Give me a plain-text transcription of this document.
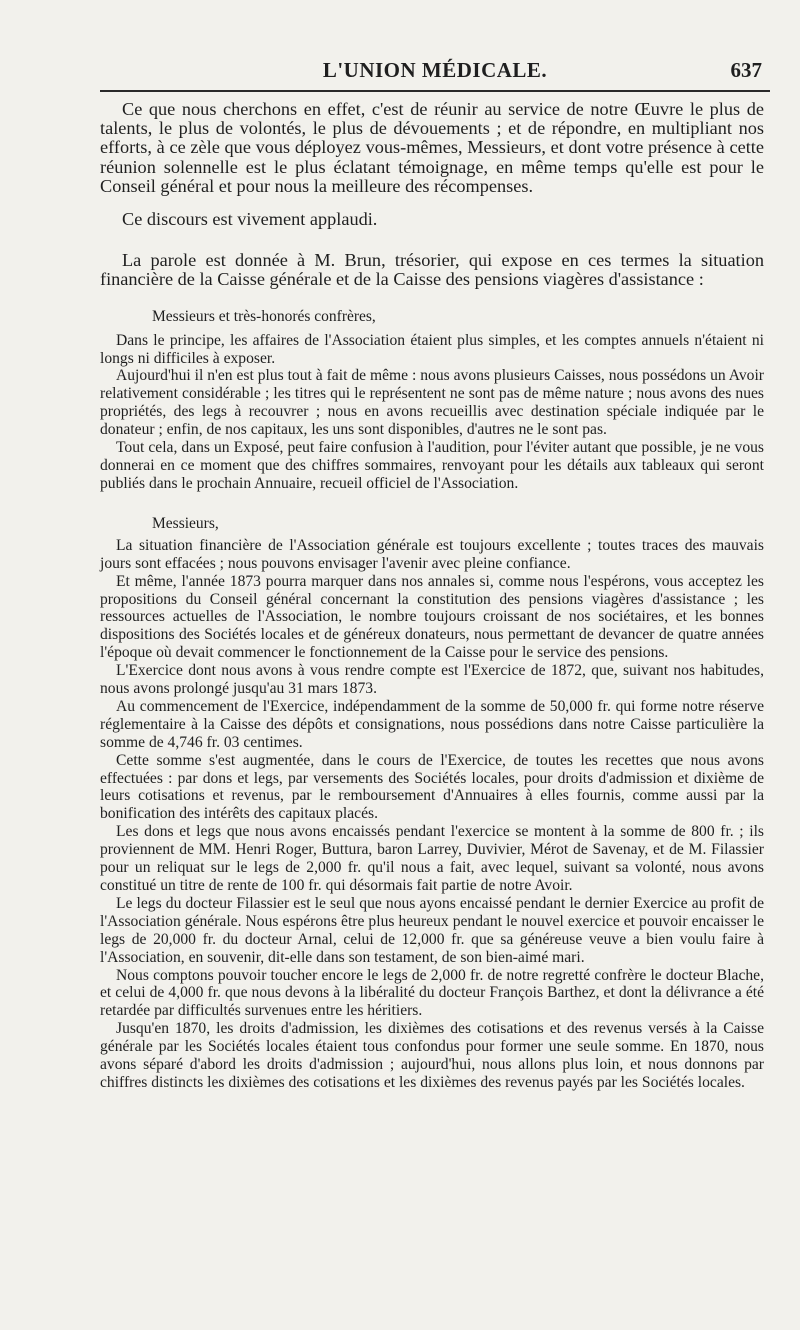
L'UNION MÉDICALE.	637

Ce que nous cherchons en effet, c'est de réunir au service de notre Œuvre le plus de talents, le plus de volontés, le plus de dévouements ; et de répondre, en multipliant nos efforts, à ce zèle que vous déployez vous-mêmes, Messieurs, et dont votre présence à cette réunion solennelle est le plus éclatant témoignage, en même temps qu'elle est pour le Conseil général et pour nous la meilleure des récompenses.

Ce discours est vivement applaudi.

La parole est donnée à M. Brun, trésorier, qui expose en ces termes la situation financière de la Caisse générale et de la Caisse des pensions viagères d'assistance :

Messieurs et très-honorés confrères,

Dans le principe, les affaires de l'Association étaient plus simples, et les comptes annuels n'étaient ni longs ni difficiles à exposer.

Aujourd'hui il n'en est plus tout à fait de même : nous avons plusieurs Caisses, nous possédons un Avoir relativement considérable ; les titres qui le représentent ne sont pas de même nature ; nous avons des nues propriétés, des legs à recouvrer ; nous en avons recueillis avec destination spéciale indiquée par le donateur ; enfin, de nos capitaux, les uns sont disponibles, d'autres ne le sont pas.

Tout cela, dans un Exposé, peut faire confusion à l'audition, pour l'éviter autant que possible, je ne vous donnerai en ce moment que des chiffres sommaires, renvoyant pour les détails aux tableaux qui seront publiés dans le prochain Annuaire, recueil officiel de l'Association.

Messieurs,

La situation financière de l'Association générale est toujours excellente ; toutes traces des mauvais jours sont effacées ; nous pouvons envisager l'avenir avec pleine confiance.

Et même, l'année 1873 pourra marquer dans nos annales si, comme nous l'espérons, vous acceptez les propositions du Conseil général concernant la constitution des pensions viagères d'assistance ; les ressources actuelles de l'Association, le nombre toujours croissant de nos sociétaires, et les bonnes dispositions des Sociétés locales et de généreux donateurs, nous permettant de devancer de quatre années l'époque où devait commencer le fonctionnement de la Caisse pour le service des pensions.

L'Exercice dont nous avons à vous rendre compte est l'Exercice de 1872, que, suivant nos habitudes, nous avons prolongé jusqu'au 31 mars 1873.

Au commencement de l'Exercice, indépendamment de la somme de 50,000 fr. qui forme notre réserve réglementaire à la Caisse des dépôts et consignations, nous possédions dans notre Caisse particulière la somme de 4,746 fr. 03 centimes.

Cette somme s'est augmentée, dans le cours de l'Exercice, de toutes les recettes que nous avons effectuées : par dons et legs, par versements des Sociétés locales, pour droits d'admission et dixième de leurs cotisations et revenus, par le remboursement d'Annuaires à elles fournis, comme aussi par la bonification des intérêts des capitaux placés.

Les dons et legs que nous avons encaissés pendant l'exercice se montent à la somme de 800 fr. ; ils proviennent de MM. Henri Roger, Buttura, baron Larrey, Duvivier, Mérot de Savenay, et de M. Filassier pour un reliquat sur le legs de 2,000 fr. qu'il nous a fait, avec lequel, suivant sa volonté, nous avons constitué un titre de rente de 100 fr. qui désormais fait partie de notre Avoir.

Le legs du docteur Filassier est le seul que nous ayons encaissé pendant le dernier Exercice au profit de l'Association générale. Nous espérons être plus heureux pendant le nouvel exercice et pouvoir encaisser le legs de 20,000 fr. du docteur Arnal, celui de 12,000 fr. que sa généreuse veuve a bien voulu faire à l'Association, en souvenir, dit-elle dans son testament, de son bien-aimé mari.

Nous comptons pouvoir toucher encore le legs de 2,000 fr. de notre regretté confrère le docteur Blache, et celui de 4,000 fr. que nous devons à la libéralité du docteur François Barthez, et dont la délivrance a été retardée par difficultés survenues entre les héritiers.

Jusqu'en 1870, les droits d'admission, les dixièmes des cotisations et des revenus versés à la Caisse générale par les Sociétés locales étaient tous confondus pour former une seule somme. En 1870, nous avons séparé d'abord les droits d'admission ; aujourd'hui, nous allons plus loin, et nous donnons par chiffres distincts les dixièmes des cotisations et les dixièmes des revenus payés par les Sociétés locales.
